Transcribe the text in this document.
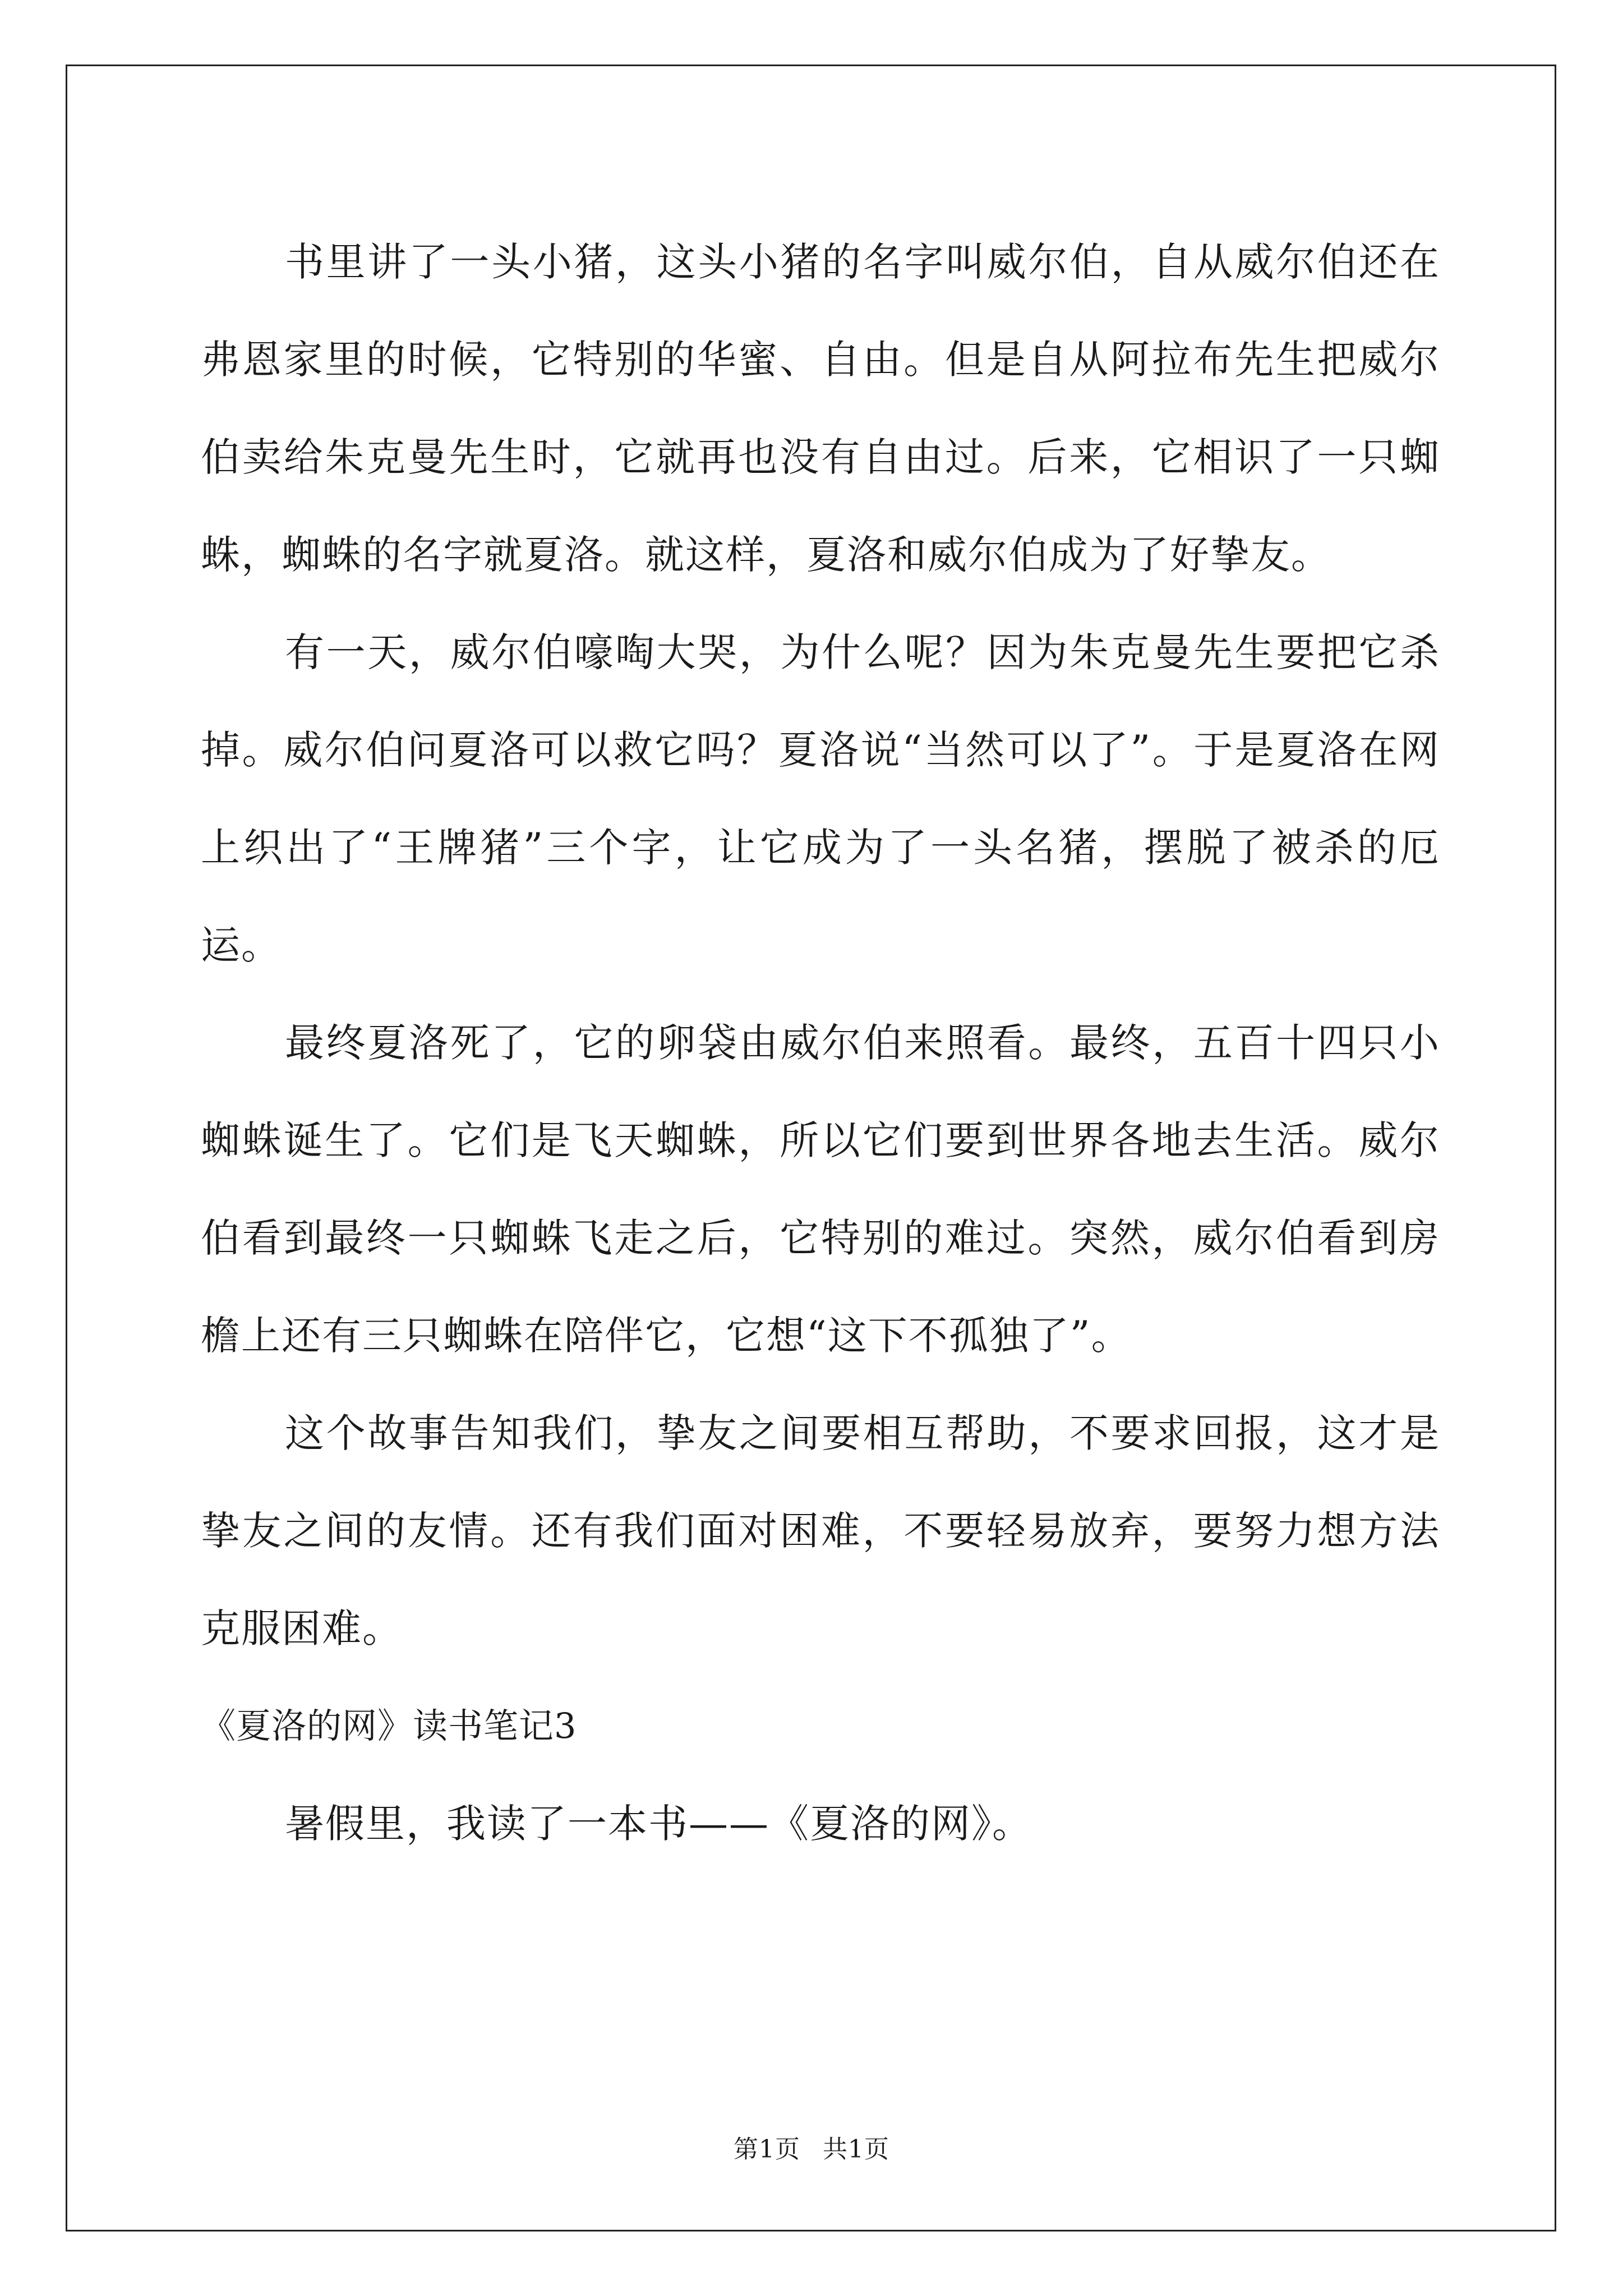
书里讲了一头小猪，这头小猪的名字叫威尔伯，自从威尔伯还在弗恩家里的时候，它特别的华蜜、自由。但是自从阿拉布先生把威尔伯卖给朱克曼先生时，它就再也没有自由过。后来，它相识了一只蜘蛛，蜘蛛的名字就夏洛。就这样，夏洛和威尔伯成为了好挚友。

有一天，威尔伯嚎啕大哭，为什么呢？因为朱克曼先生要把它杀掉。威尔伯问夏洛可以救它吗？夏洛说“当然可以了”。于是夏洛在网上织出了“王牌猪”三个字，让它成为了一头名猪，摆脱了被杀的厄运。

最终夏洛死了，它的卵袋由威尔伯来照看。最终，五百十四只小蜘蛛诞生了。它们是飞天蜘蛛，所以它们要到世界各地去生活。威尔伯看到最终一只蜘蛛飞走之后，它特别的难过。突然，威尔伯看到房檐上还有三只蜘蛛在陪伴它，它想“这下不孤独了”。

这个故事告知我们，挚友之间要相互帮助，不要求回报，这才是挚友之间的友情。还有我们面对困难，不要轻易放弃，要努力想方法克服困难。

《夏洛的网》读书笔记3

暑假里，我读了一本书——《夏洛的网》。

第1页 共1页
